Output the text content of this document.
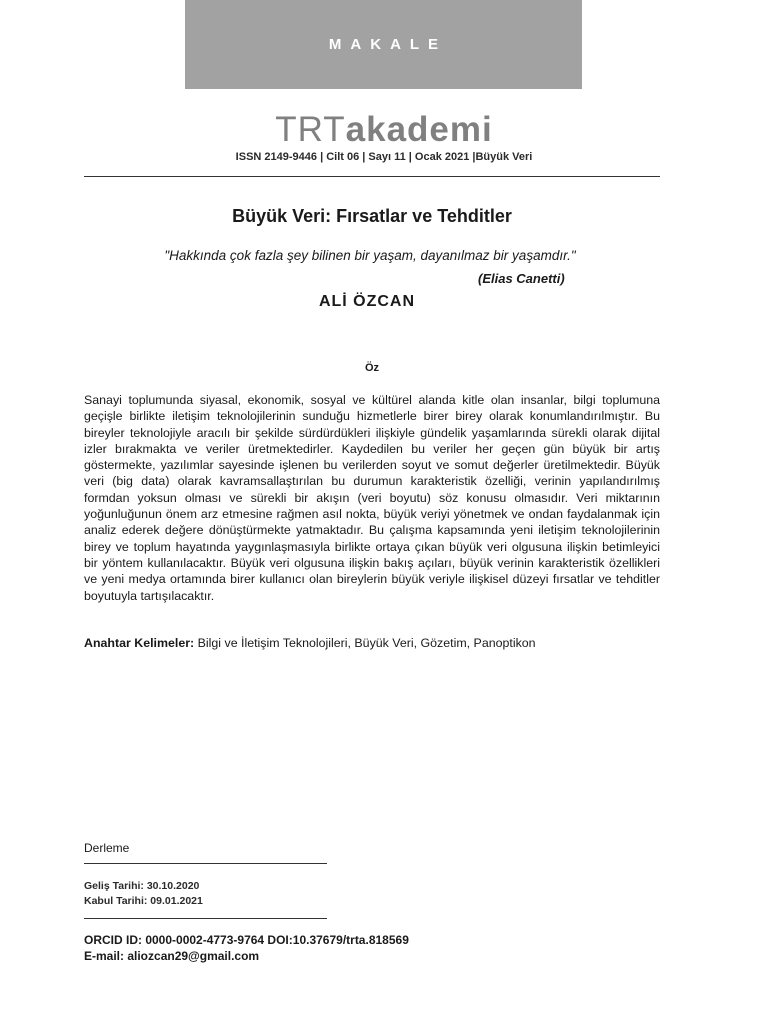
MAKALE
TRTakademi
ISSN 2149-9446 | Cilt 06 | Sayı 11 | Ocak 2021 |Büyük Veri
Büyük Veri: Fırsatlar ve Tehditler
"Hakkında çok fazla şey bilinen bir yaşam, dayanılmaz bir yaşamdır."
(Elias Canetti)
ALİ ÖZCAN
Öz
Sanayi toplumunda siyasal, ekonomik, sosyal ve kültürel alanda kitle olan insanlar, bilgi toplumuna geçişle birlikte iletişim teknolojilerinin sunduğu hizmetlerle birer birey olarak konumlandırılmıştır. Bu bireyler teknolojiyle aracılı bir şekilde sürdürdükleri ilişkiyle gündelik yaşamlarında sürekli olarak dijital izler bırakmakta ve veriler üretmektedirler. Kaydedilen bu veriler her geçen gün büyük bir artış göstermekte, yazılımlar sayesinde işlenen bu verilerden soyut ve somut değerler üretilmektedir. Büyük veri (big data) olarak kavramsallaştırılan bu durumun karakteristik özelliği, verinin yapılandırılmış formdan yoksun olması ve sürekli bir akışın (veri boyutu) söz konusu olmasıdır. Veri miktarının yoğunluğunun önem arz etmesine rağmen asıl nokta, büyük veriyi yönetmek ve ondan faydalanmak için analiz ederek değere dönüştürmekte yatmaktadır. Bu çalışma kapsamında yeni iletişim teknolojilerinin birey ve toplum hayatında yaygınlaşmasıyla birlikte ortaya çıkan büyük veri olgusuna ilişkin betimleyici bir yöntem kullanılacaktır. Büyük veri olgusuna ilişkin bakış açıları, büyük verinin karakteristik özellikleri ve yeni medya ortamında birer kullanıcı olan bireylerin büyük veriyle ilişkisel düzeyi fırsatlar ve tehditler boyutuyla tartışılacaktır.
Anahtar Kelimeler: Bilgi ve İletişim Teknolojileri, Büyük Veri, Gözetim, Panoptikon
Derleme
Geliş Tarihi: 30.10.2020
Kabul Tarihi: 09.01.2021
ORCID ID: 0000-0002-4773-9764 DOI:10.37679/trta.818569
E-mail: aliozcan29@gmail.com
